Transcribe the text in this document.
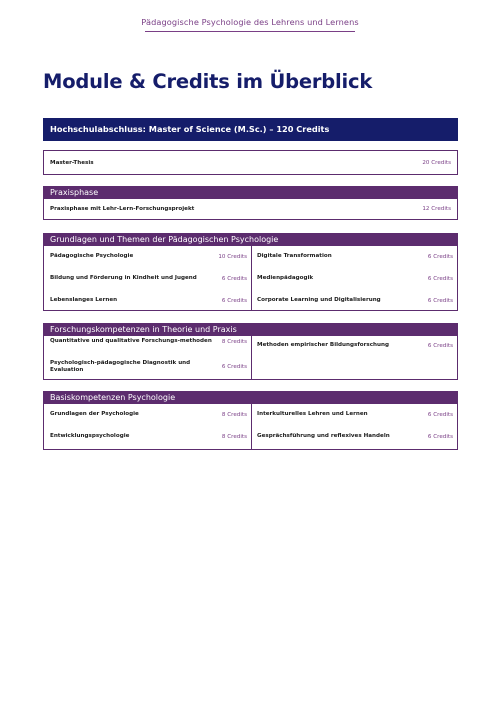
Pädagogische Psychologie des Lehrens und Lernens
Module & Credits im Überblick
Hochschulabschluss: Master of Science (M.Sc.) – 120 Credits
Master-Thesis	20 Credits
Praxisphase
Praxisphase mit Lehr-Lern-Forschungsprojekt	12 Credits
Grundlagen und Themen der Pädagogischen Psychologie
Pädagogische Psychologie	10 Credits Digitale Transformation	6 Credits
Bildung und Förderung in Kindheit und Jugend	6 Credits Medienpädagogik	6 Credits
Lebenslanges Lernen	6 Credits Corporate Learning und Digitalisierung	6 Credits
Forschungskompetenzen in Theorie und Praxis
Quantitative und qualitative Forschungs-methoden	8 Credits
Methoden empirischer Bildungsforschung	6 Credits
Psychologisch-pädagogische Diagnostik und Evaluation	6 Credits
Basiskompetenzen Psychologie
Grundlagen der Psychologie	8 Credits Interkulturelles Lehren und Lernen	6 Credits
Entwicklungspsychologie	8 Credits Gesprächsführung und reflexives Handeln	6 Credits
